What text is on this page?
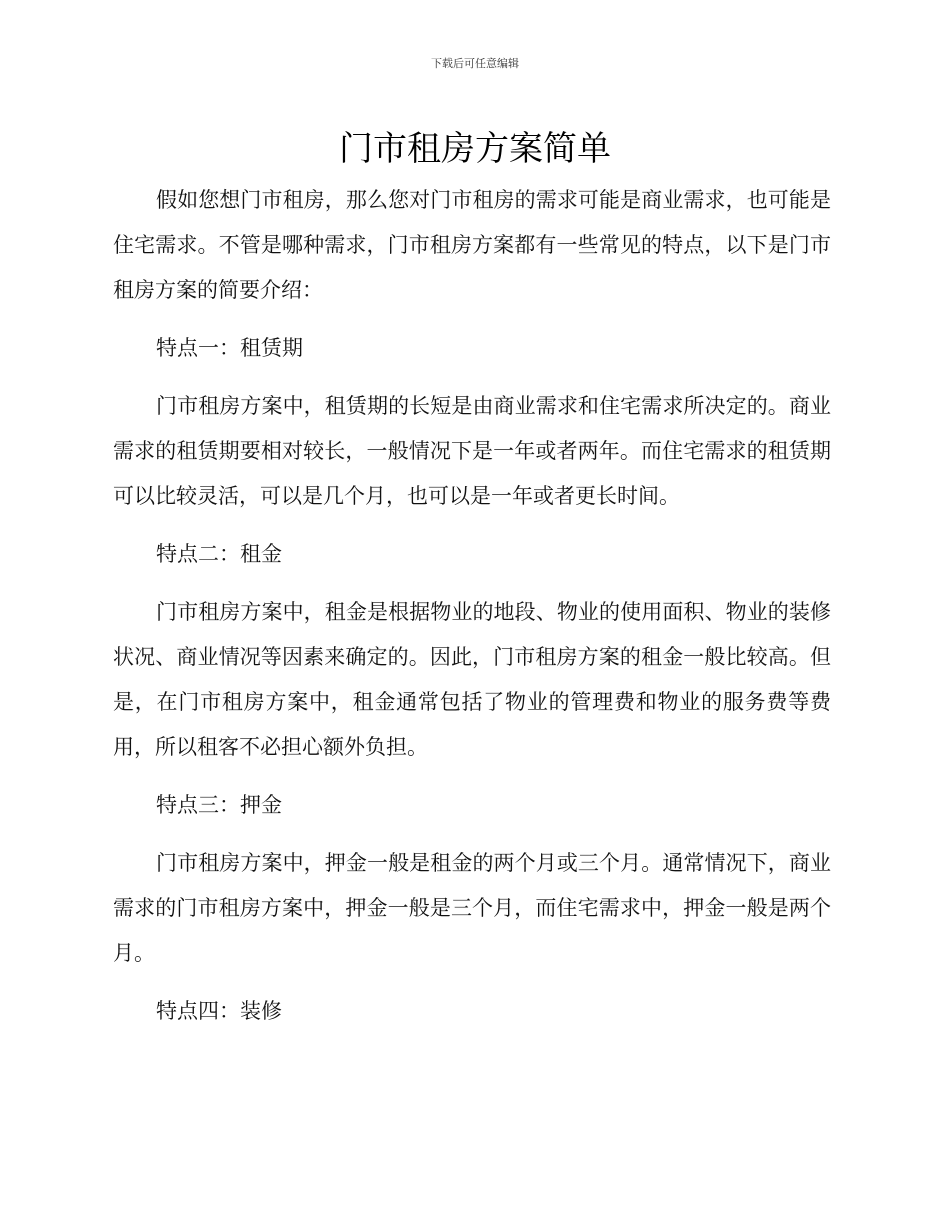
下载后可任意编辑
门市租房方案简单

假如您想门市租房，那么您对门市租房的需求可能是商业需求，也可能是住宅需求。不管是哪种需求，门市租房方案都有一些常见的特点，以下是门市租房方案的简要介绍：

特点一：租赁期

门市租房方案中，租赁期的长短是由商业需求和住宅需求所决定的。商业需求的租赁期要相对较长，一般情况下是一年或者两年。而住宅需求的租赁期可以比较灵活，可以是几个月，也可以是一年或者更长时间。

特点二：租金

门市租房方案中，租金是根据物业的地段、物业的使用面积、物业的装修状况、商业情况等因素来确定的。因此，门市租房方案的租金一般比较高。但是，在门市租房方案中，租金通常包括了物业的管理费和物业的服务费等费用，所以租客不必担心额外负担。

特点三：押金

门市租房方案中，押金一般是租金的两个月或三个月。通常情况下，商业需求的门市租房方案中，押金一般是三个月，而住宅需求中，押金一般是两个月。

特点四：装修
